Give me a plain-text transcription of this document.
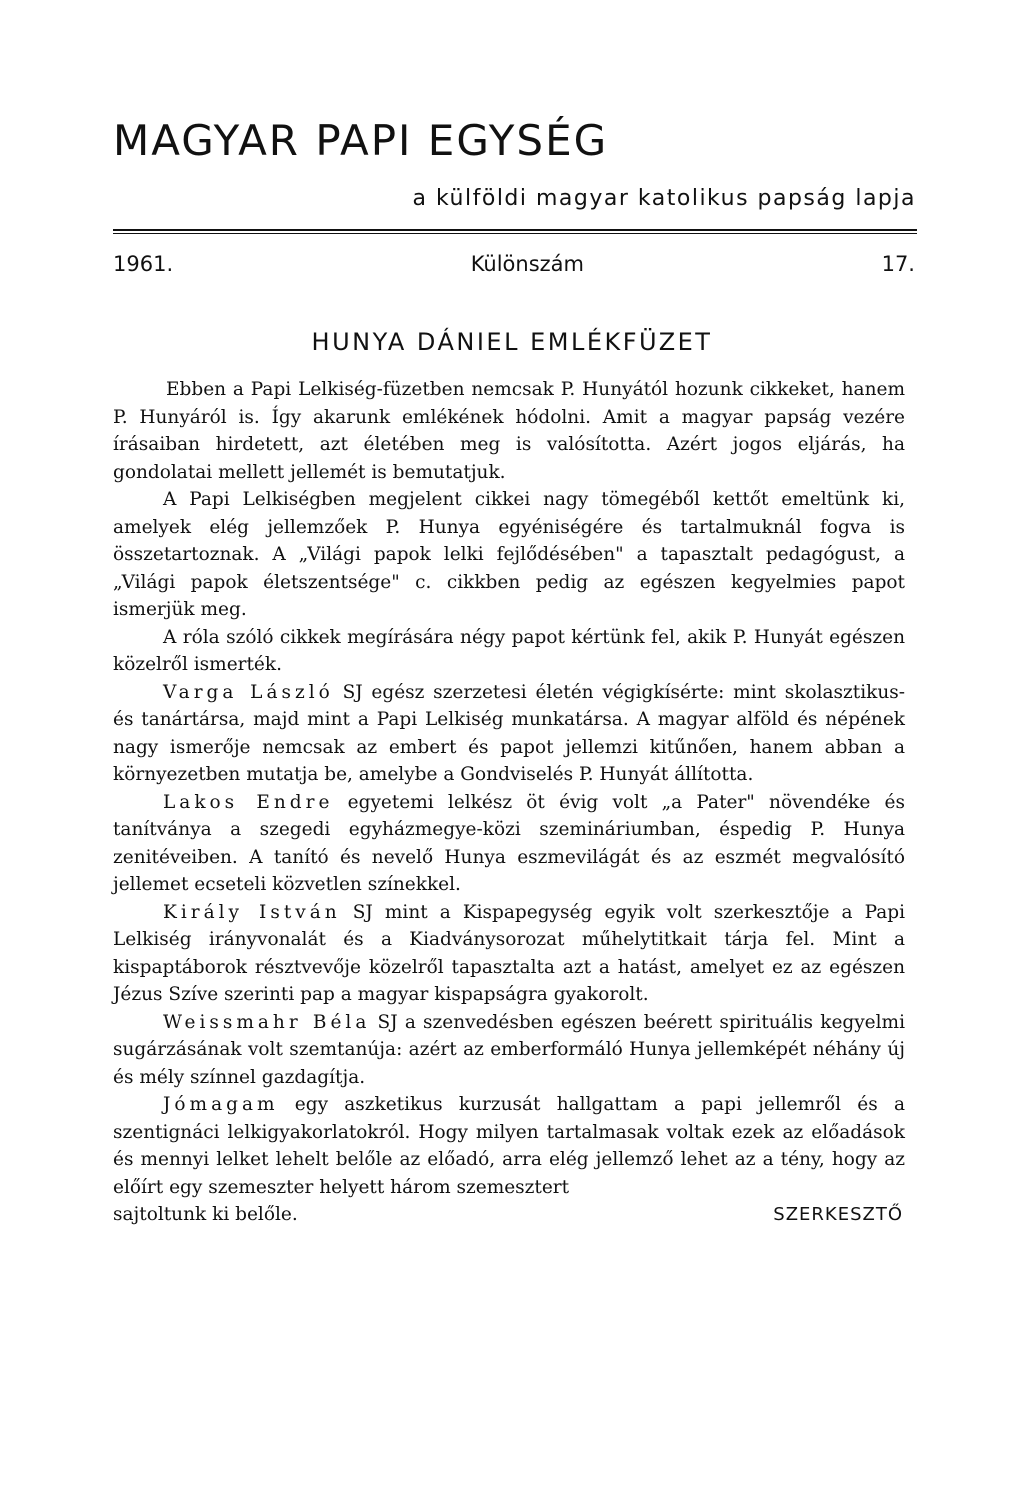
MAGYAR PAPI EGYSÉG

a külföldi magyar katolikus papság lapja

1961.	Különszám	17.
HUNYA DÁNIEL EMLÉKFÜZET

Ebben a Papi Lelkiség-füzetben nemcsak P. Hunyától hozunk cikkeket, hanem P. Hunyáról is. Így akarunk emlékének hódolni. Amit a magyar papság vezére írásaiban hirdetett, azt életében meg is valósította. Azért jogos eljárás, ha gondolatai mellett jellemét is bemutatjuk.

A Papi Lelkiségben megjelent cikkei nagy tömegéből kettőt emeltünk ki, amelyek elég jellemzőek P. Hunya egyéniségére és tartalmuknál fogva is összetartoznak. A „Világi papok lelki fejlődésében" a tapasztalt pedagógust, a „Világi papok életszentsége" c. cikkben pedig az egészen kegyelmies papot ismerjük meg.

A róla szóló cikkek megírására négy papot kértünk fel, akik P. Hunyát egészen közelről ismerték.

Varga László SJ egész szerzetesi életén végigkísérte: mint skolasztikus- és tanártársa, majd mint a Papi Lelkiség munkatársa. A magyar alföld és népének nagy ismerője nemcsak az embert és papot jellemzi kitűnően, hanem abban a környezetben mutatja be, amelybe a Gondviselés P. Hunyát állította.

Lakos Endre egyetemi lelkész öt évig volt „a Pater" növendéke és tanítványa a szegedi egyházmegye-közi szemináriumban, éspedig P. Hunya zenitéveiben. A tanító és nevelő Hunya eszmevilágát és az eszmét megvalósító jellemet ecseteli közvetlen színekkel.

Király István SJ mint a Kispapegység egyik volt szerkesztője a Papi Lelkiség irányvonalát és a Kiadványsorozat műhelytitkait tárja fel. Mint a kispaptáborok résztvevője közelről tapasztalta azt a hatást, amelyet ez az egészen Jézus Szíve szerinti pap a magyar kispapságra gyakorolt.

Weissmahr Béla SJ a szenvedésben egészen beérett spirituális kegyelmi sugárzásának volt szemtanúja: azért az emberformáló Hunya jellemképét néhány új és mély színnel gazdagítja.

Jómagam egy aszketikus kurzusát hallgattam a papi jellemről és a szentignáci lelkigyakorlatokról. Hogy milyen tartalmasak voltak ezek az előadások és mennyi lelket lehelt belőle az előadó, arra elég jellemző lehet az a tény, hogy az előírt egy szemeszter helyett három szemesztert

sajtoltunk ki belőle.	SZERKESZTŐ
